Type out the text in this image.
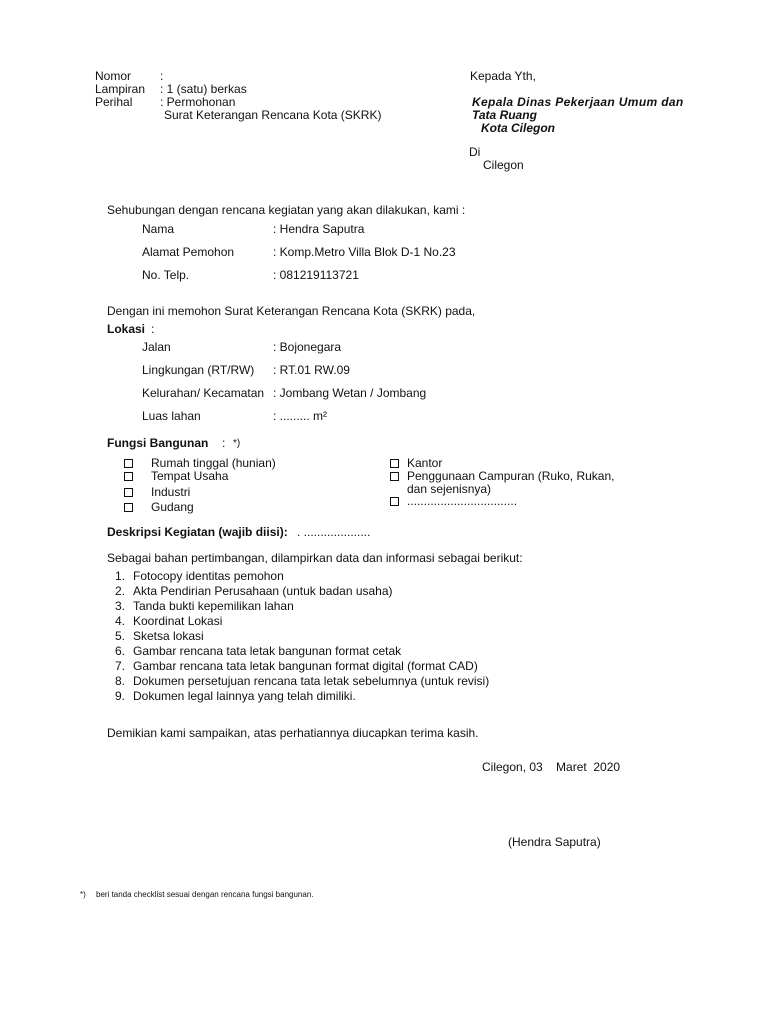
Nomor :
Lampiran : 1 (satu) berkas
Perihal : Permohonan
Surat Keterangan Rencana Kota (SKRK)
Kepada Yth,
Kepala Dinas Pekerjaan Umum dan
Tata Ruang
Kota Cilegon
Di
Cilegon
Sehubungan dengan rencana kegiatan yang akan dilakukan, kami :
Nama	: Hendra Saputra
Alamat Pemohon	: Komp.Metro Villa Blok D-1 No.23
No. Telp.	: 081219113721
Dengan ini memohon Surat Keterangan Rencana Kota (SKRK) pada,
Lokasi :
Jalan	: Bojonegara
Lingkungan (RT/RW) : RT.01 RW.09
Kelurahan/ Kecamatan : Jombang Wetan / Jombang
Luas lahan	: ......... m²
Fungsi Bangunan : *)
Rumah tinggal (hunian)
Tempat Usaha
Industri
Gudang
Kantor
Penggunaan Campuran (Ruko, Rukan,
dan sejenisnya)
.................................
Deskripsi Kegiatan (wajib diisi): . ....................
Sebagai bahan pertimbangan, dilampirkan data dan informasi sebagai berikut:
1. Fotocopy identitas pemohon
2. Akta Pendirian Perusahaan (untuk badan usaha)
3. Tanda bukti kepemilikan lahan
4. Koordinat Lokasi
5. Sketsa lokasi
6. Gambar rencana tata letak bangunan format cetak
7. Gambar rencana tata letak bangunan format digital (format CAD)
8. Dokumen persetujuan rencana tata letak sebelumnya (untuk revisi)
9. Dokumen legal lainnya yang telah dimiliki.
Demikian kami sampaikan, atas perhatiannya diucapkan terima kasih.
Cilegon, 03    Maret  2020
(Hendra Saputra)
*) beri tanda checklist sesuai dengan rencana fungsi bangunan.
